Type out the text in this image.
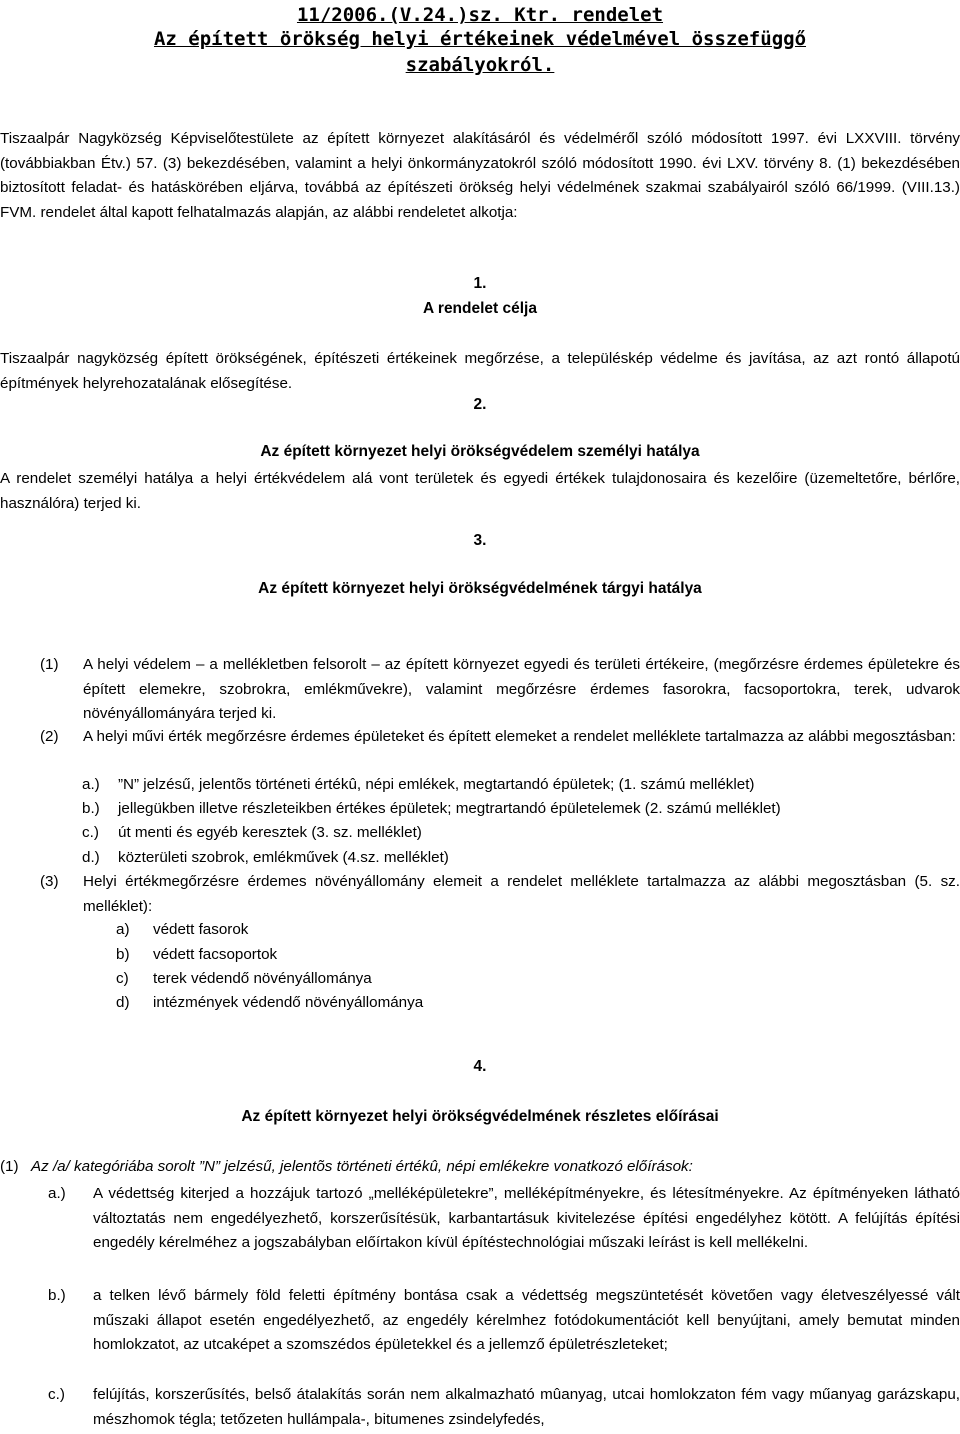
11/2006.(V.24.)sz. Ktr. rendelet
Az épített örökség helyi értékeinek védelmével összefüggő
szabályokról.
Tiszaalpár Nagyközség Képviselőtestülete az épített környezet alakításáról és védelméről szóló módosított 1997. évi LXXVIII. törvény (továbbiakban Étv.) 57. (3) bekezdésében, valamint a helyi önkormányzatokról szóló módosított 1990. évi LXV. törvény 8. (1) bekezdésében biztosított feladat- és hatáskörében eljárva, továbbá az építészeti örökség helyi védelmének szakmai szabályairól szóló 66/1999. (VIII.13.) FVM. rendelet által kapott felhatalmazás alapján, az alábbi rendeletet alkotja:
1.
A rendelet célja
Tiszaalpár nagyközség épített örökségének, építészeti értékeinek megőrzése, a településkép védelme és javítása, az azt rontó állapotú építmények helyrehozatalának elősegítése.
2.
Az épített környezet helyi örökségvédelem személyi hatálya
A rendelet személyi hatálya a helyi értékvédelem alá vont területek és egyedi értékek tulajdonosaira és kezelőire (üzemeltetőre, bérlőre, használóra) terjed ki.
3.
Az épített környezet helyi örökségvédelmének tárgyi hatálya
(1) A helyi védelem – a mellékletben felsorolt – az épített környezet egyedi és területi értékeire, (megőrzésre érdemes épületekre és épített elemekre, szobrokra, emlékművekre), valamint megőrzésre érdemes fasorokra, facsoportokra, terek, udvarok növényállományára terjed ki.
(2) A helyi művi érték megőrzésre érdemes épületeket és épített elemeket a rendelet melléklete tartalmazza az alábbi megosztásban:
a.) ”N” jelzésű, jelentõs történeti értékû, népi emlékek, megtartandó épületek; (1. számú melléklet)
b.) jellegükben illetve részleteikben értékes épületek; megtrartandó épületelemek (2. számú melléklet)
c.) út menti és egyéb keresztek (3. sz. melléklet)
d.) közterületi szobrok, emlékművek (4.sz. melléklet)
(3) Helyi értékmegőrzésre érdemes növényállomány elemeit a rendelet melléklete tartalmazza az alábbi megosztásban (5. sz. melléklet):
a) védett fasorok
b) védett facsoportok
c) terek védendő növényállománya
d) intézmények védendő növényállománya
4.
Az épített környezet helyi örökségvédelmének részletes előírásai
(1) Az /a/ kategóriába sorolt ”N” jelzésű, jelentõs történeti értékû, népi emlékekre vonatkozó előírások:
a.) A védettség kiterjed a hozzájuk tartozó „melléképületekre”, melléképítményekre, és létesítményekre. Az építményeken látható változtatás nem engedélyezhető, korszerűsítésük, karbantartásuk kivitelezése építési engedélyhez kötött. A felújítás építési engedély kérelméhez a jogszabályban előírtakon kívül építéstechnológiai műszaki leírást is kell mellékelni.
b.) a telken lévő bármely föld feletti építmény bontása csak a védettség megszüntetését követően vagy életveszélyessé vált műszaki állapot esetén engedélyezhető, az engedély kérelmhez fotódokumentációt kell benyújtani, amely bemutat minden homlokzatot, az utcaképet a szomszédos épületekkel és a jellemző épületrészleteket;
c.) felújítás, korszerűsítés, belső átalakítás során nem alkalmazható mûanyag, utcai homlokzaton fém vagy műanyag garázskapu, mészhomok tégla; tetőzeten hullámpala-, bitumenes zsindelyfedés,
